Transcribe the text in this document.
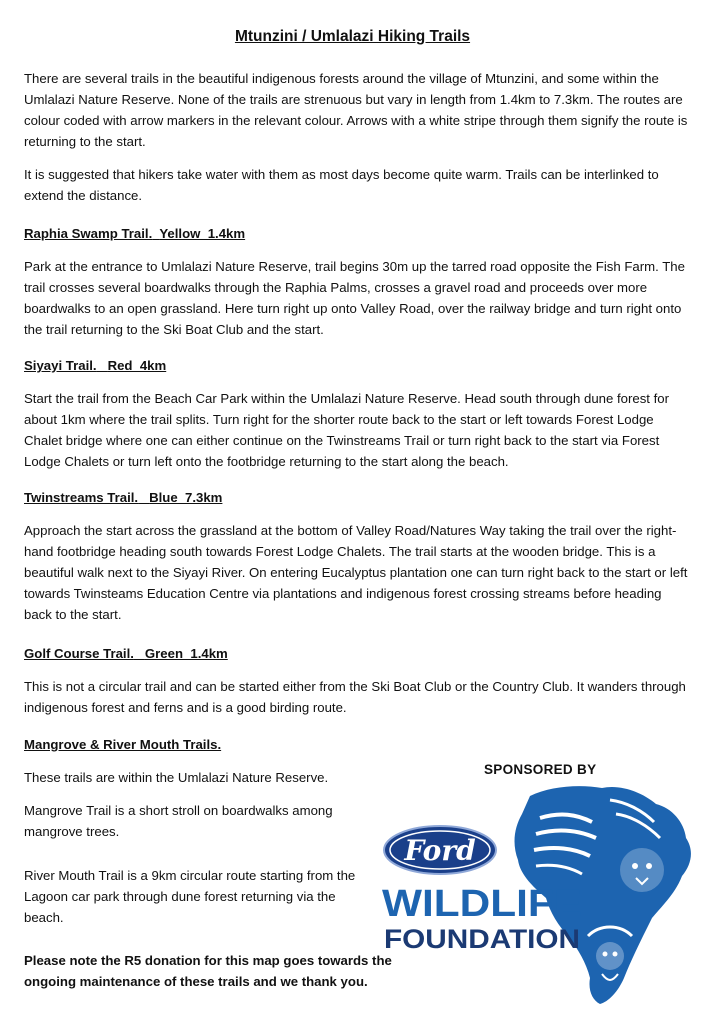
Mtunzini / Umlalazi Hiking Trails

There are several trails in the beautiful indigenous forests around the village of Mtunzini, and some within the Umlalazi Nature Reserve. None of the trails are strenuous but vary in length from 1.4km to 7.3km. The routes are colour coded with arrow markers in the relevant colour. Arrows with a white stripe through them signify the route is returning to the start.

It is suggested that hikers take water with them as most days become quite warm. Trails can be interlinked to extend the distance.

Raphia Swamp Trail. Yellow  1.4km

Park at the entrance to Umlalazi Nature Reserve, trail begins 30m up the tarred road opposite the Fish Farm. The trail crosses several boardwalks through the Raphia Palms, crosses a gravel road and proceeds over more boardwalks to an open grassland. Here turn right up onto Valley Road, over the railway bridge and turn right onto the trail returning to the Ski Boat Club and the start.

Siyayi Trail. Red  4km

Start the trail from the Beach Car Park within the Umlalazi Nature Reserve. Head south through dune forest for about 1km where the trail splits. Turn right for the shorter route back to the start or left towards Forest Lodge Chalet bridge where one can either continue on the Twinstreams Trail or turn right back to the start via Forest Lodge Chalets or turn left onto the footbridge returning to the start along the beach.

Twinstreams Trail. Blue  7.3km

Approach the start across the grassland at the bottom of Valley Road/Natures Way taking the trail over the right-hand footbridge heading south towards Forest Lodge Chalets. The trail starts at the wooden bridge. This is a beautiful walk next to the Siyayi River. On entering Eucalyptus plantation one can turn right back to the start or left towards Twinsteams Education Centre via plantations and indigenous forest crossing streams before heading back to the start.

Golf Course Trail. Green  1.4km

This is not a circular trail and can be started either from the Ski Boat Club or the Country Club. It wanders through indigenous forest and ferns and is a good birding route.

Mangrove & River Mouth Trails.

These trails are within the Umlalazi Nature Reserve.

Mangrove Trail is a short stroll on boardwalks among mangrove trees.

River Mouth Trail is a 9km circular route starting from the Lagoon car park through dune forest returning via the beach.

Please note the R5 donation for this map goes towards the ongoing maintenance of these trails and we thank you.

SPONSORED BY
Ford
WILDLIFE
FOUNDATION
